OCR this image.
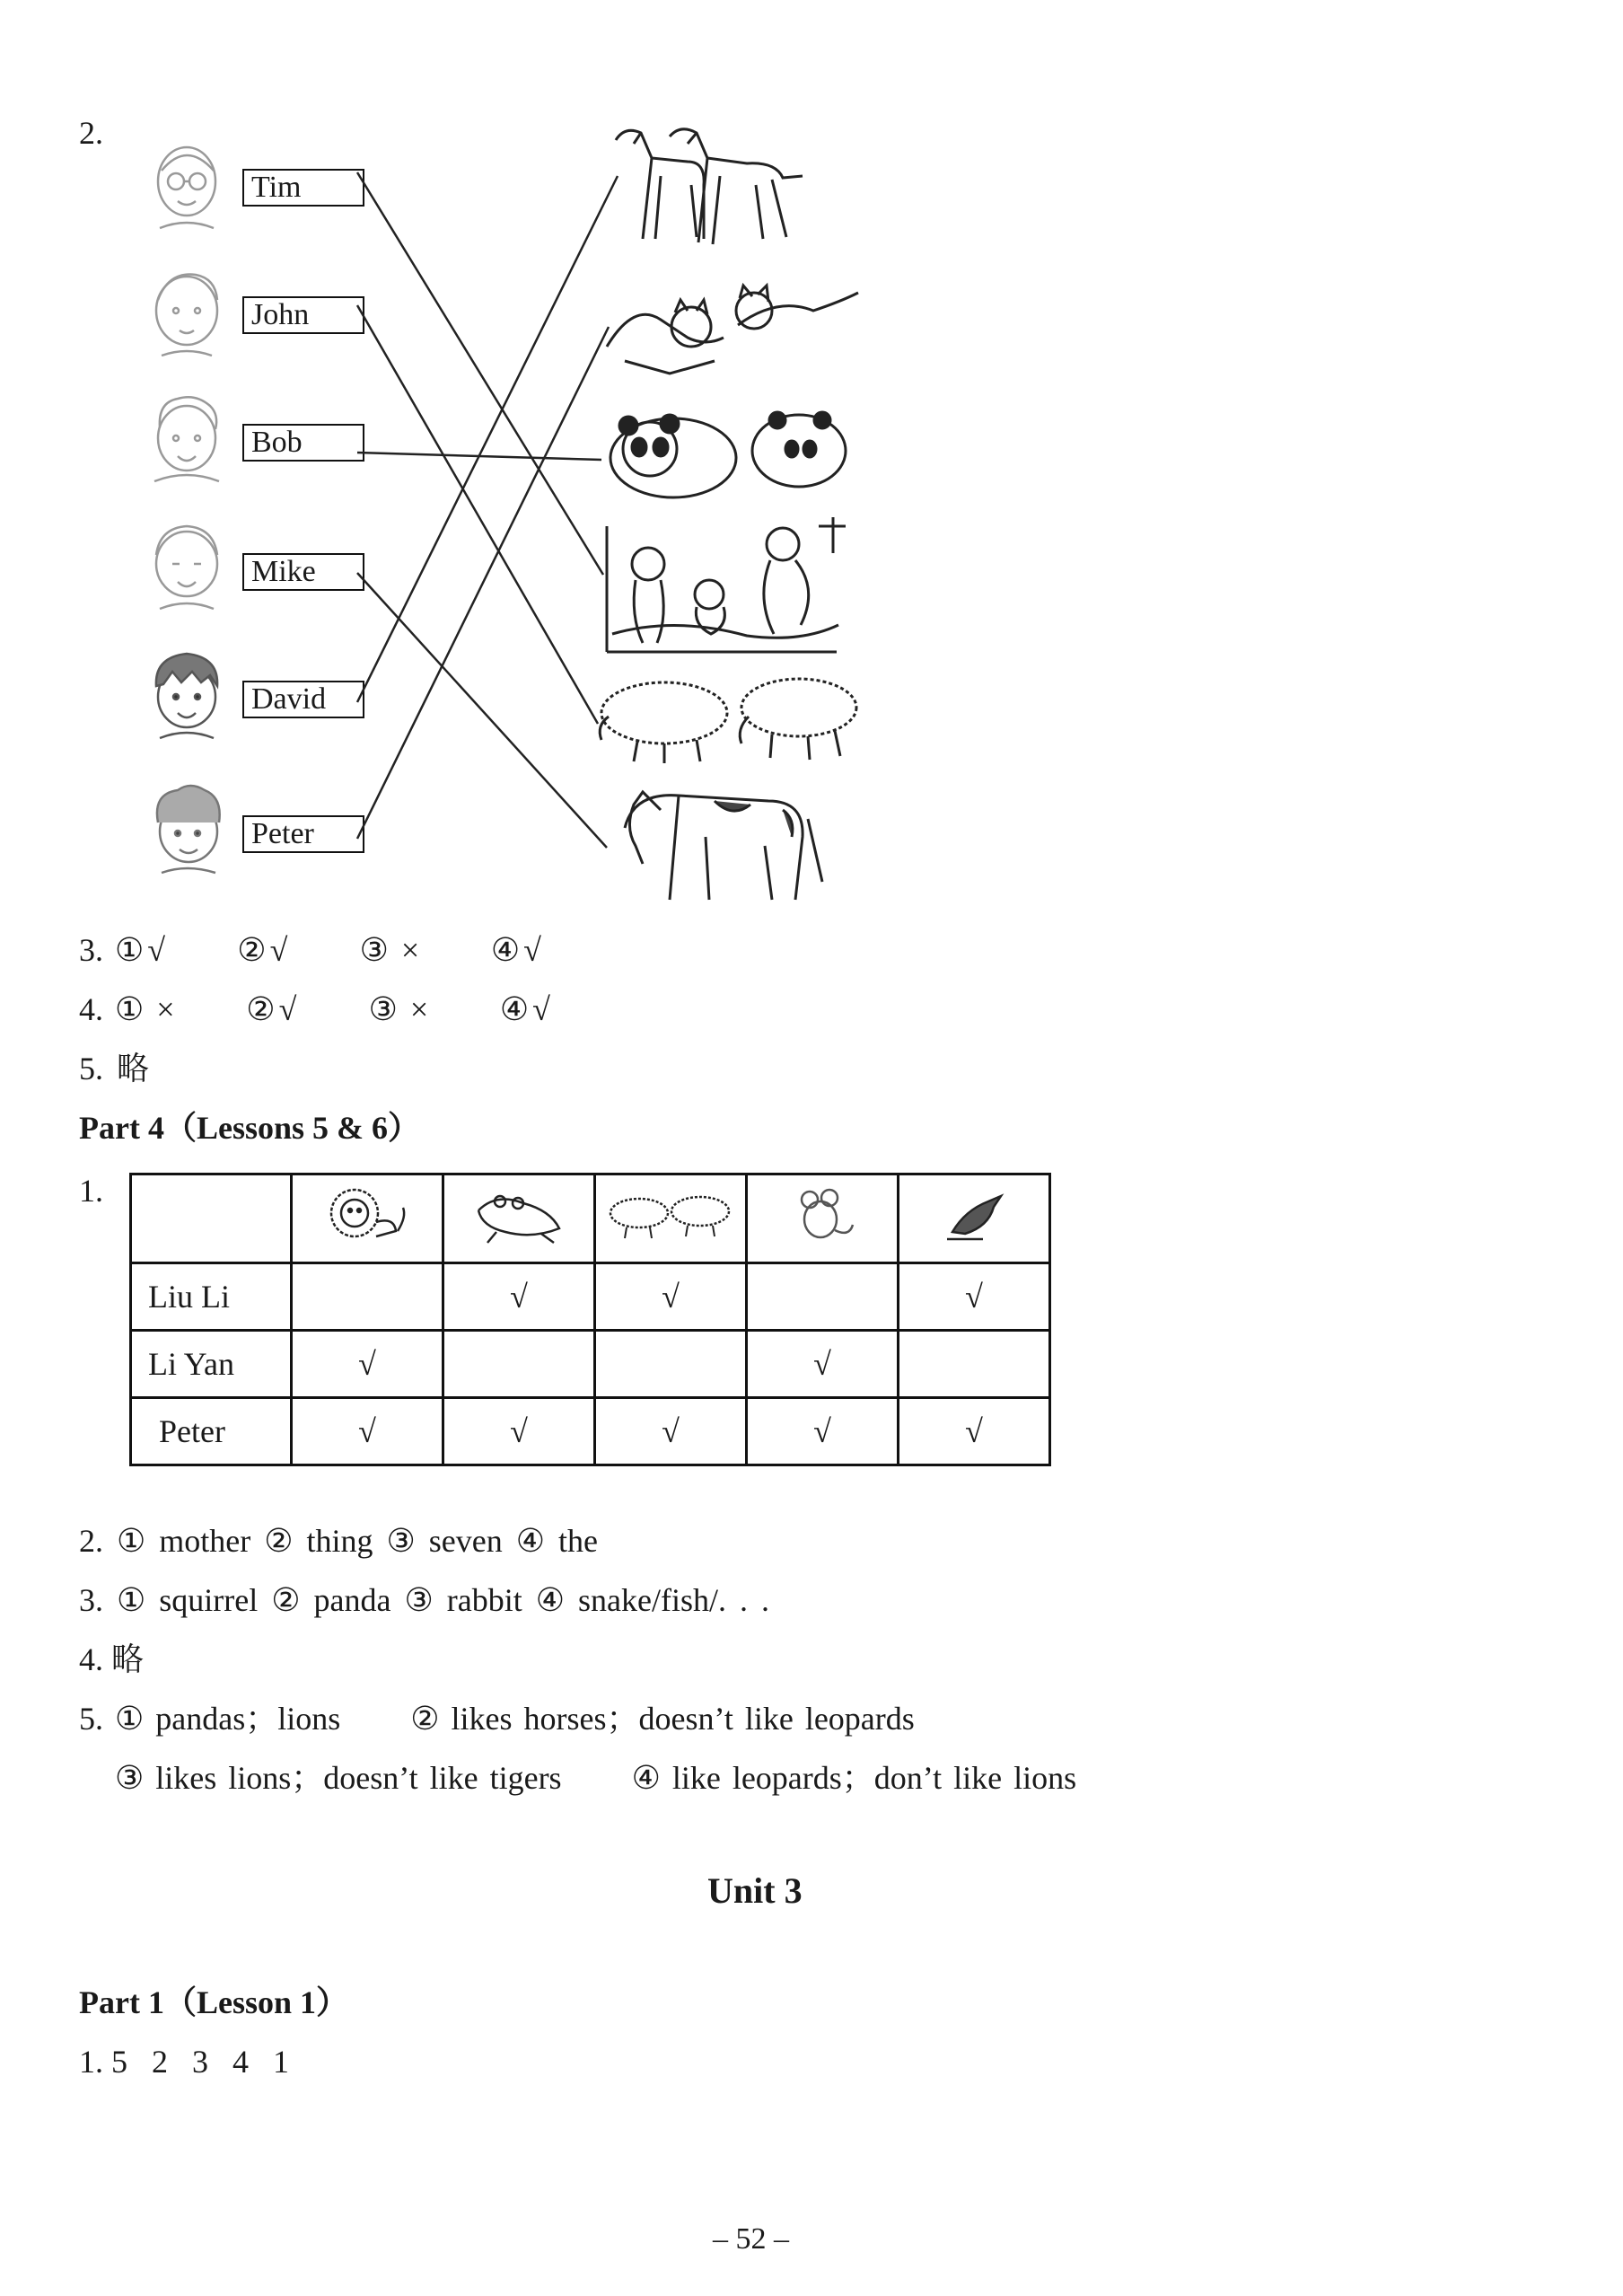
2.
Tim
John
Bob
Mike
David
Peter
3. ① √ ② √ ③ × ④ √
4. ① × ② √ ③ × ④ √
5. 略
Part 4（Lessons 5 & 6）
1.

Liu Li		√	√		√
Li Yan	√			√	
Peter	√	√	√	√	√
2. ① mother ② thing ③ seven ④ the
3. ① squirrel ② panda ③ rabbit ④ snake/fish/. . .
4. 略
5. ① pandas；lions      ② likes horses；doesn’t like leopards
③ likes lions；doesn’t like tigers      ④ like leopards；don’t like lions
Unit 3
Part 1（Lesson 1）
1. 5   2   3   4   1
– 52 –
